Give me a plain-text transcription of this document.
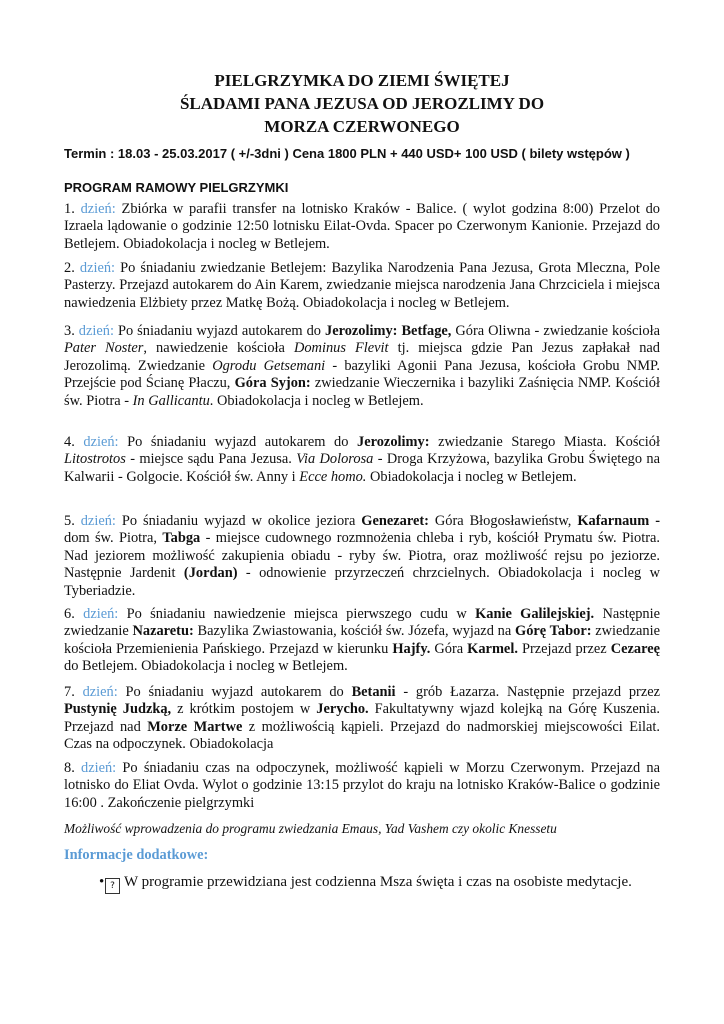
PIELGRZYMKA DO ZIEMI ŚWIĘTEJ
ŚLADAMI PANA JEZUSA OD JEROZLIMY DO
MORZA CZERWONEGO
Termin : 18.03 - 25.03.2017 ( +/-3dni ) Cena 1800 PLN + 440 USD+ 100 USD ( bilety wstępów )
PROGRAM RAMOWY PIELGRZYMKI
1. dzień: Zbiórka w parafii transfer na lotnisko Kraków - Balice. ( wylot godzina 8:00) Przelot do Izraela lądowanie o godzinie 12:50 lotnisku Eilat-Ovda. Spacer po Czerwonym Kanionie. Przejazd do Betlejem. Obiadokolacja i nocleg w Betlejem.
2. dzień: Po śniadaniu zwiedzanie Betlejem: Bazylika Narodzenia Pana Jezusa, Grota Mleczna, Pole Pasterzy. Przejazd autokarem do Ain Karem, zwiedzanie miejsca narodzenia Jana Chrzciciela i miejsca nawiedzenia Elżbiety przez Matkę Bożą. Obiadokolacja i nocleg w Betlejem.
3. dzień: Po śniadaniu wyjazd autokarem do Jerozolimy: Betfage, Góra Oliwna - zwiedzanie kościoła Pater Noster, nawiedzenie kościoła Dominus Flevit tj. miejsca gdzie Pan Jezus zapłakał nad Jerozolimą. Zwiedzanie Ogrodu Getsemani - bazyliki Agonii Pana Jezusa, kościoła Grobu NMP. Przejście pod Ścianę Płaczu, Góra Syjon: zwiedzanie Wieczernika i bazyliki Zaśnięcia NMP. Kościół św. Piotra - In Gallicantu. Obiadokolacja i nocleg w Betlejem.
4. dzień: Po śniadaniu wyjazd autokarem do Jerozolimy: zwiedzanie Starego Miasta. Kościół Litostrotos - miejsce sądu Pana Jezusa. Via Dolorosa - Droga Krzyżowa, bazylika Grobu Świętego na Kalwarii - Golgocie. Kościół św. Anny i Ecce homo. Obiadokolacja i nocleg w Betlejem.
5. dzień: Po śniadaniu wyjazd w okolice jeziora Genezaret: Góra Błogosławieństw, Kafarnaum - dom św. Piotra, Tabga - miejsce cudownego rozmnożenia chleba i ryb, kościół Prymatu św. Piotra. Nad jeziorem możliwość zakupienia obiadu - ryby św. Piotra, oraz możliwość rejsu po jeziorze. Następnie Jardenit (Jordan) - odnowienie przyrzeczeń chrzcielnych. Obiadokolacja i nocleg w Tyberiadzie.
6. dzień: Po śniadaniu nawiedzenie miejsca pierwszego cudu w Kanie Galilejskiej. Następnie zwiedzanie Nazaretu: Bazylika Zwiastowania, kościół św. Józefa, wyjazd na Górę Tabor: zwiedzanie kościoła Przemienienia Pańskiego. Przejazd w kierunku Hajfy. Góra Karmel. Przejazd przez Cezareę do Betlejem. Obiadokolacja i nocleg w Betlejem.
7. dzień: Po śniadaniu wyjazd autokarem do Betanii - grób Łazarza. Następnie przejazd przez Pustynię Judzką, z krótkim postojem w Jerycho. Fakultatywny wjazd kolejką na Górę Kuszenia. Przejazd nad Morze Martwe z możliwością kąpieli. Przejazd do nadmorskiej miejscowości Eilat. Czas na odpoczynek. Obiadokolacja
8. dzień: Po śniadaniu czas na odpoczynek, możliwość kąpieli w Morzu Czerwonym. Przejazd na lotnisko do Eliat Ovda. Wylot o godzinie 13:15 przylot do kraju na lotnisko Kraków-Balice o godzinie 16:00 . Zakończenie pielgrzymki
Możliwość wprowadzenia do programu zwiedzania Emaus, Yad Vashem czy okolic Knessetu
Informacje dodatkowe:
• ? W programie przewidziana jest codzienna Msza święta i czas na osobiste medytacje.
